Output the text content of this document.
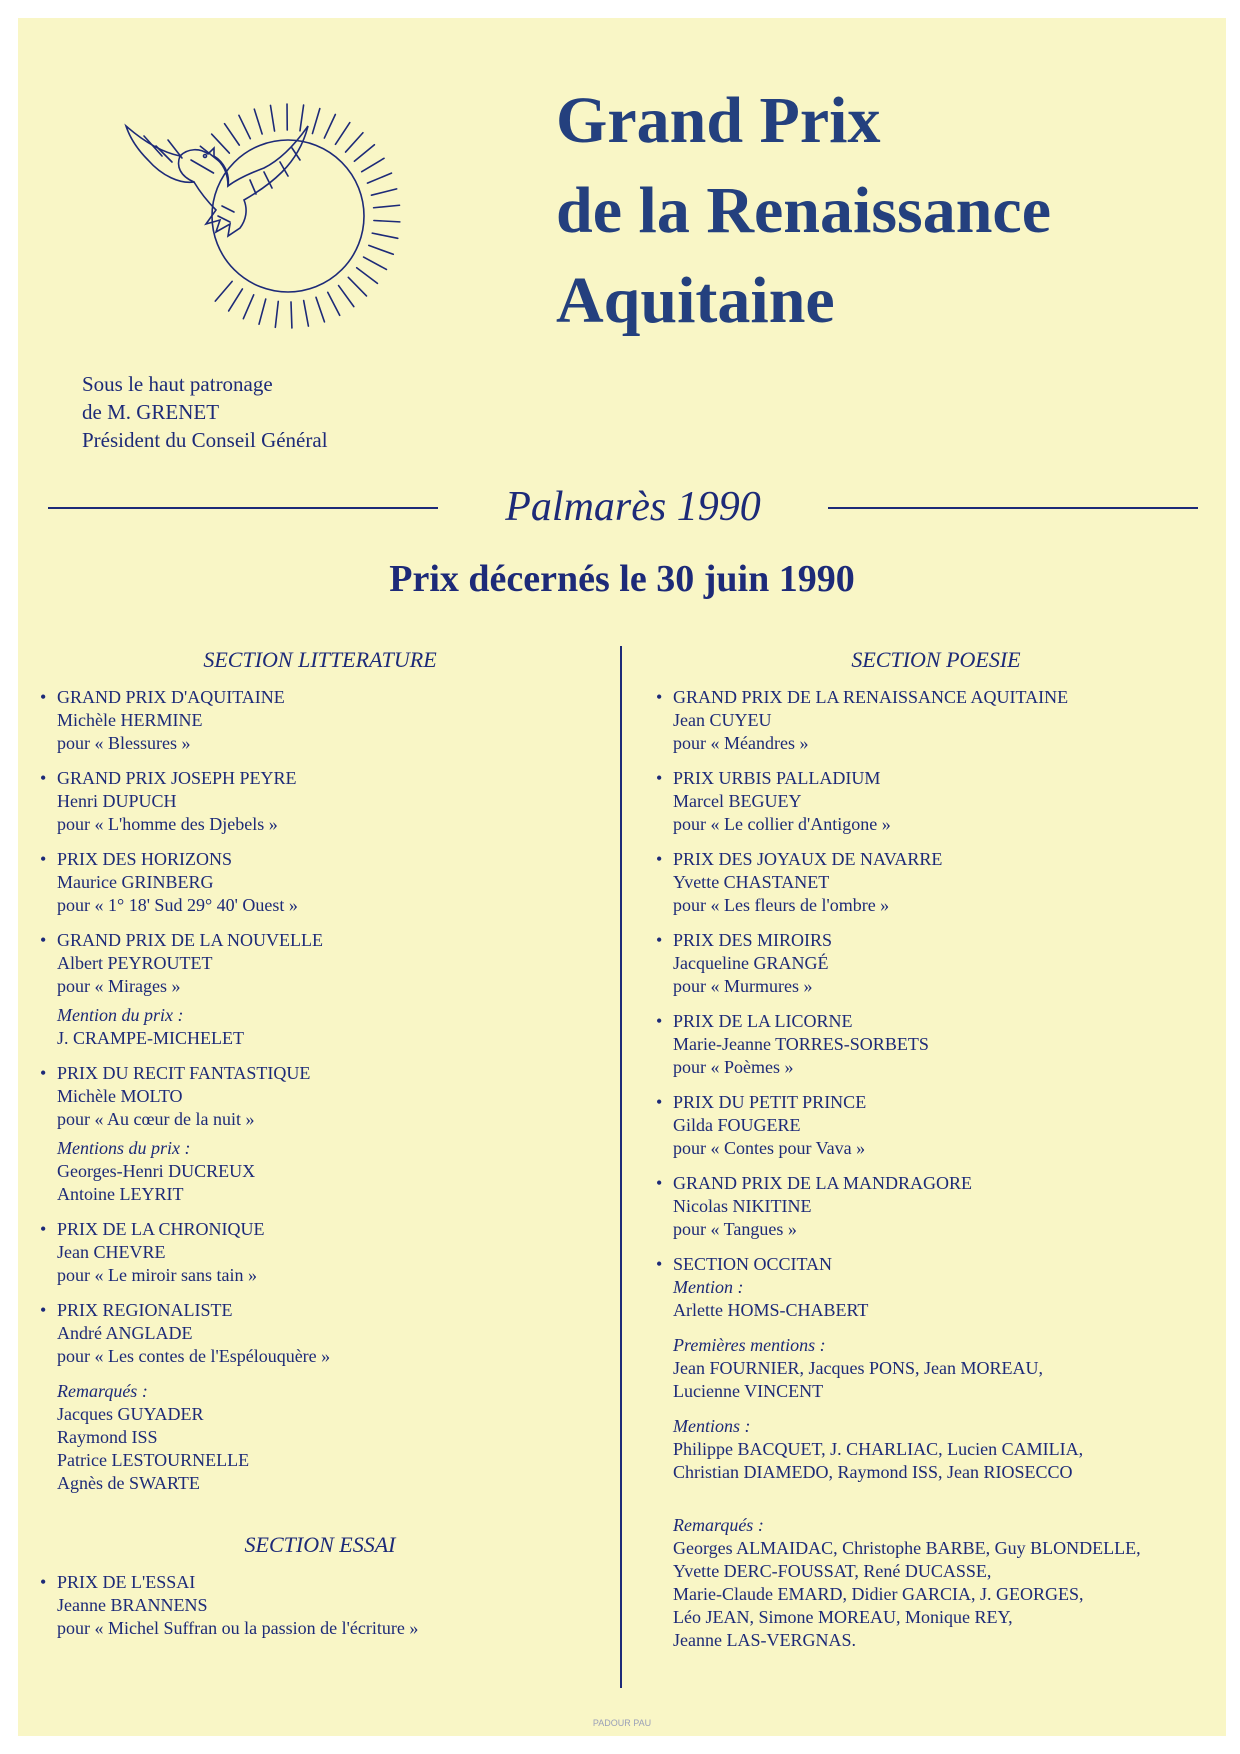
Grand Prix
de la Renaissance
Aquitaine
Sous le haut patronage
de M. GRENET
Président du Conseil Général
Palmarès 1990
Prix décernés le 30 juin 1990
SECTION LITTERATURE
• GRAND PRIX D'AQUITAINE
Michèle HERMINE
pour « Blessures »
• GRAND PRIX JOSEPH PEYRE
Henri DUPUCH
pour « L'homme des Djebels »
• PRIX DES HORIZONS
Maurice GRINBERG
pour « 1° 18' Sud 29° 40' Ouest »
• GRAND PRIX DE LA NOUVELLE
Albert PEYROUTET
pour « Mirages »
Mention du prix :
J. CRAMPE-MICHELET
• PRIX DU RECIT FANTASTIQUE
Michèle MOLTO
pour « Au cœur de la nuit »
Mentions du prix :
Georges-Henri DUCREUX
Antoine LEYRIT
• PRIX DE LA CHRONIQUE
Jean CHEVRE
pour « Le miroir sans tain »
• PRIX REGIONALISTE
André ANGLADE
pour « Les contes de l'Espélouquère »
Remarqués :
Jacques GUYADER
Raymond ISS
Patrice LESTOURNELLE
Agnès de SWARTE
SECTION ESSAI
• PRIX DE L'ESSAI
Jeanne BRANNENS
pour « Michel Suffran ou la passion de l'écriture »
SECTION POESIE
• GRAND PRIX DE LA RENAISSANCE AQUITAINE
Jean CUYEU
pour « Méandres »
• PRIX URBIS PALLADIUM
Marcel BEGUEY
pour « Le collier d'Antigone »
• PRIX DES JOYAUX DE NAVARRE
Yvette CHASTANET
pour « Les fleurs de l'ombre »
• PRIX DES MIROIRS
Jacqueline GRANGÉ
pour « Murmures »
• PRIX DE LA LICORNE
Marie-Jeanne TORRES-SORBETS
pour « Poèmes »
• PRIX DU PETIT PRINCE
Gilda FOUGERE
pour « Contes pour Vava »
• GRAND PRIX DE LA MANDRAGORE
Nicolas NIKITINE
pour « Tangues »
• SECTION OCCITAN
Mention :
Arlette HOMS-CHABERT
Premières mentions :
Jean FOURNIER, Jacques PONS, Jean MOREAU,
Lucienne VINCENT
Mentions :
Philippe BACQUET, J. CHARLIAC, Lucien CAMILIA,
Christian DIAMEDO, Raymond ISS, Jean RIOSECCO
Remarqués :
Georges ALMAIDAC, Christophe BARBE, Guy BLONDELLE,
Yvette DERC-FOUSSAT, René DUCASSE,
Marie-Claude EMARD, Didier GARCIA, J. GEORGES,
Léo JEAN, Simone MOREAU, Monique REY,
Jeanne LAS-VERGNAS.
PADOUR PAU
